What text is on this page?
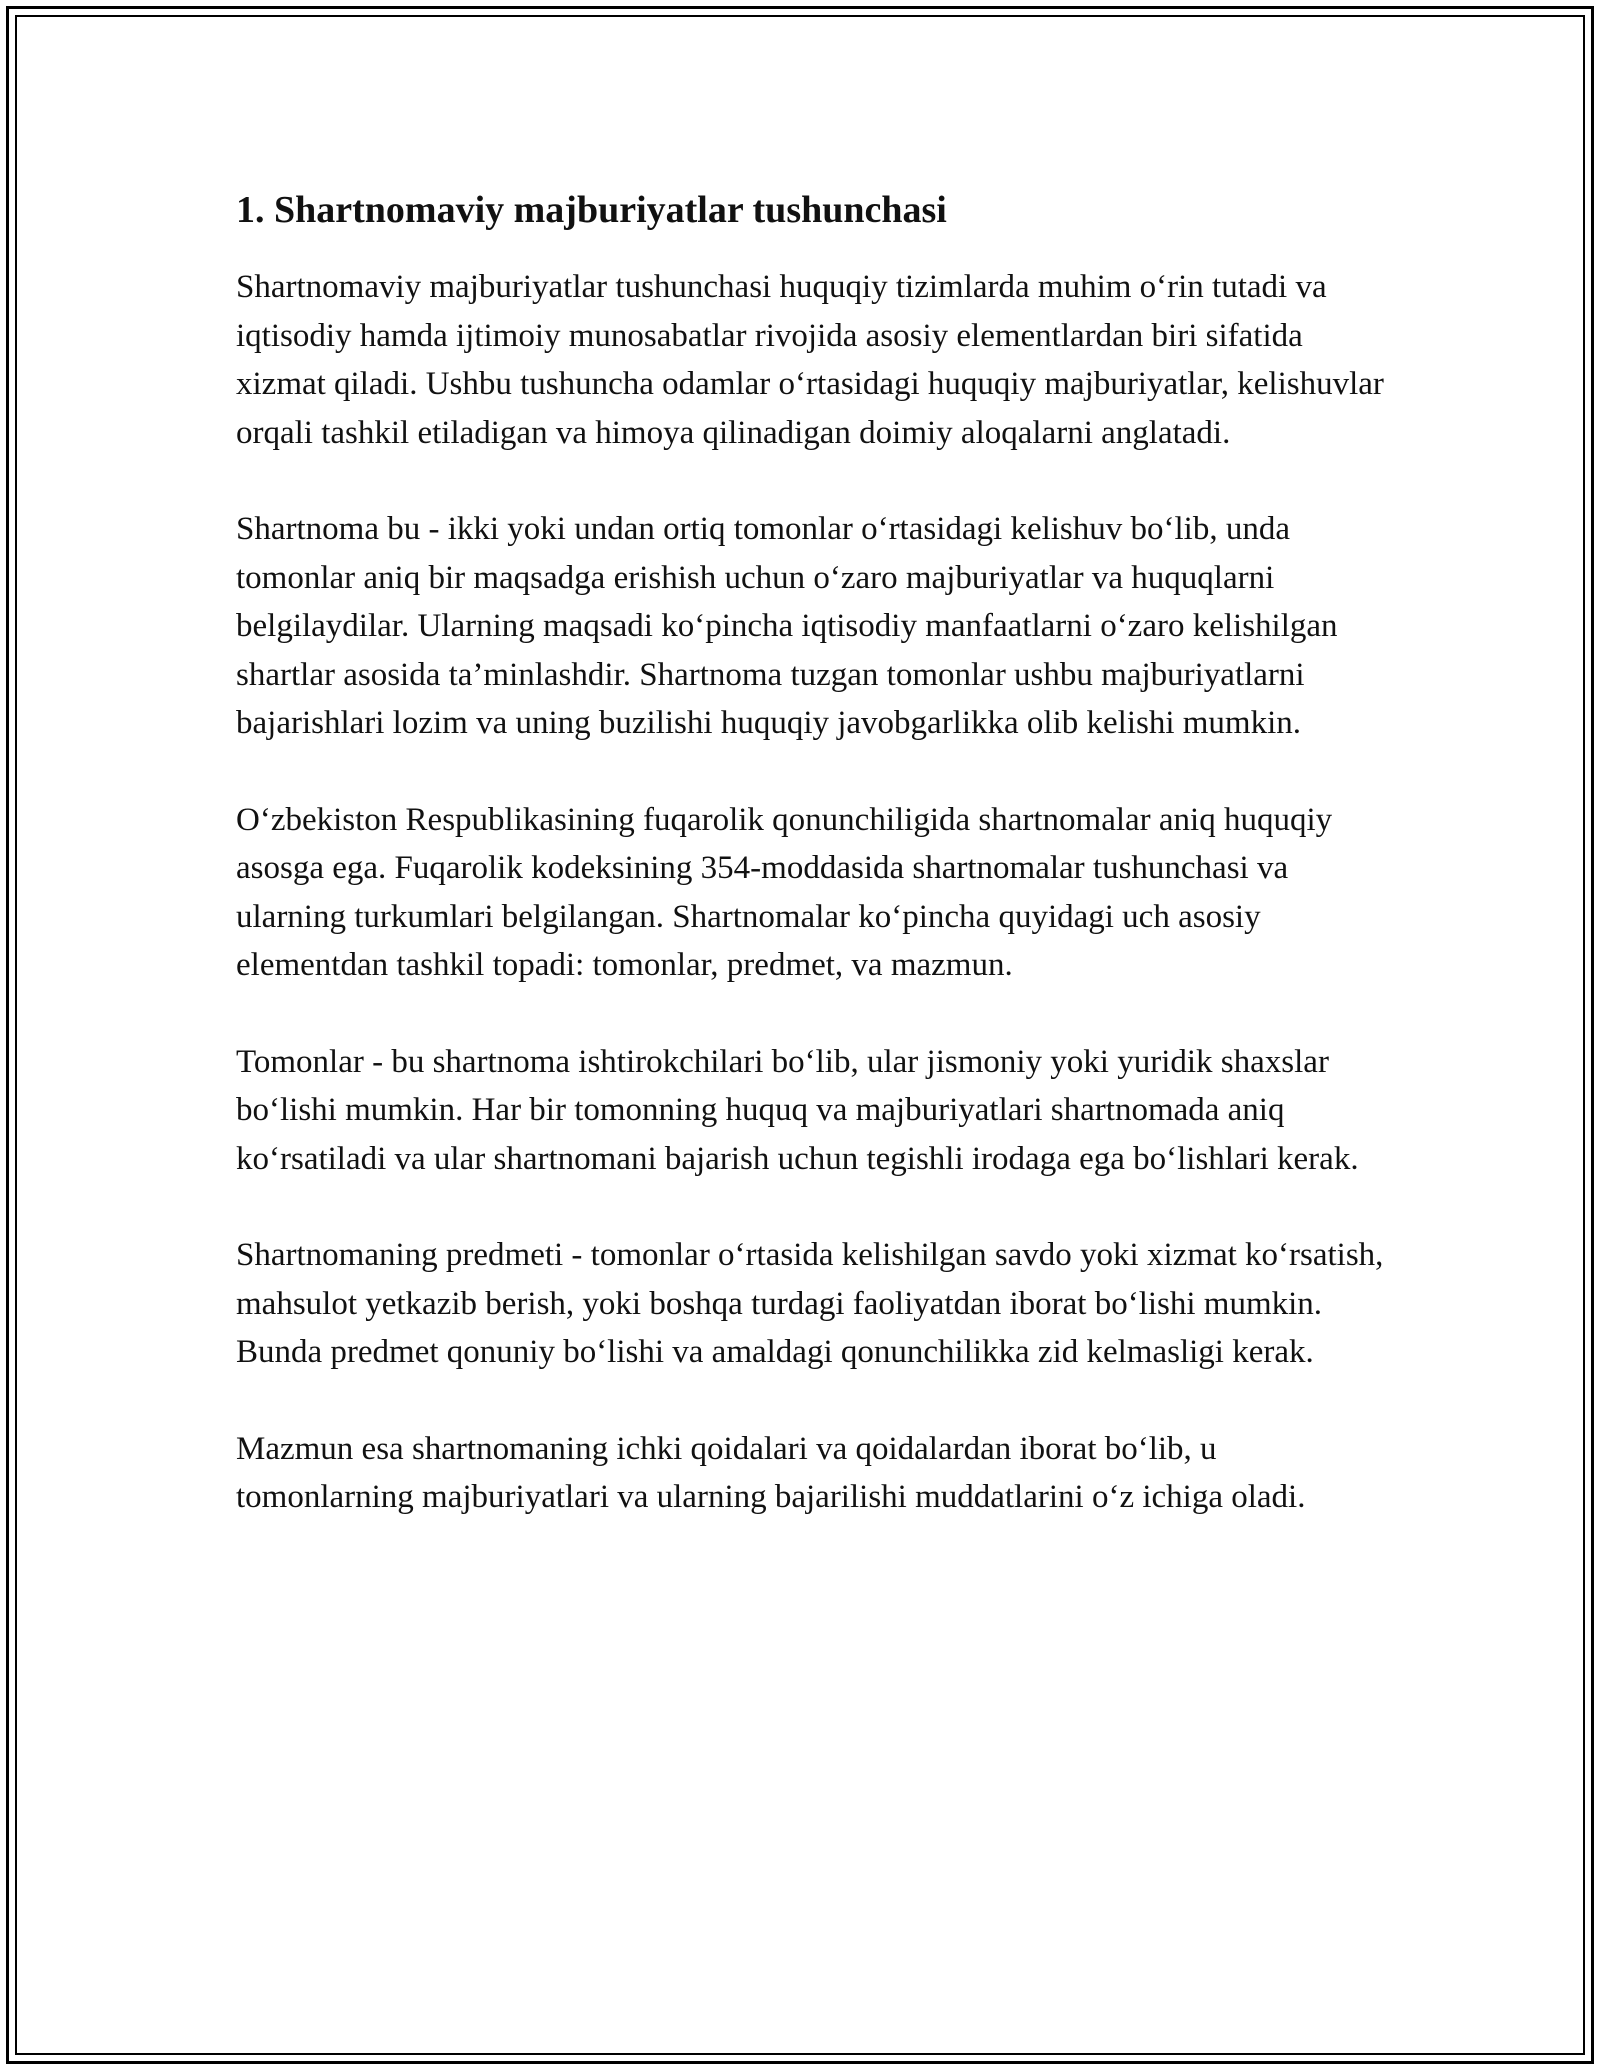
1. Shartnomaviy majburiyatlar tushunchasi

Shartnomaviy majburiyatlar tushunchasi huquqiy tizimlarda muhim o‘rin tutadi va iqtisodiy hamda ijtimoiy munosabatlar rivojida asosiy elementlardan biri sifatida xizmat qiladi. Ushbu tushuncha odamlar o‘rtasidagi huquqiy majburiyatlar, kelishuvlar orqali tashkil etiladigan va himoya qilinadigan doimiy aloqalarni anglatadi.

Shartnoma bu - ikki yoki undan ortiq tomonlar o‘rtasidagi kelishuv bo‘lib, unda tomonlar aniq bir maqsadga erishish uchun o‘zaro majburiyatlar va huquqlarni belgilaydilar. Ularning maqsadi ko‘pincha iqtisodiy manfaatlarni o‘zaro kelishilgan shartlar asosida ta’minlashdir. Shartnoma tuzgan tomonlar ushbu majburiyatlarni bajarishlari lozim va uning buzilishi huquqiy javobgarlikka olib kelishi mumkin.

O‘zbekiston Respublikasining fuqarolik qonunchiligida shartnomalar aniq huquqiy asosga ega. Fuqarolik kodeksining 354-moddasida shartnomalar tushunchasi va ularning turkumlari belgilangan. Shartnomalar ko‘pincha quyidagi uch asosiy elementdan tashkil topadi: tomonlar, predmet, va mazmun.

Tomonlar - bu shartnoma ishtirokchilari bo‘lib, ular jismoniy yoki yuridik shaxslar bo‘lishi mumkin. Har bir tomonning huquq va majburiyatlari shartnomada aniq ko‘rsatiladi va ular shartnomani bajarish uchun tegishli irodaga ega bo‘lishlari kerak.

Shartnomaning predmeti - tomonlar o‘rtasida kelishilgan savdo yoki xizmat ko‘rsatish, mahsulot yetkazib berish, yoki boshqa turdagi faoliyatdan iborat bo‘lishi mumkin. Bunda predmet qonuniy bo‘lishi va amaldagi qonunchilikka zid kelmasligi kerak.

Mazmun esa shartnomaning ichki qoidalari va qoidalardan iborat bo‘lib, u tomonlarning majburiyatlari va ularning bajarilishi muddatlarini o‘z ichiga oladi.
